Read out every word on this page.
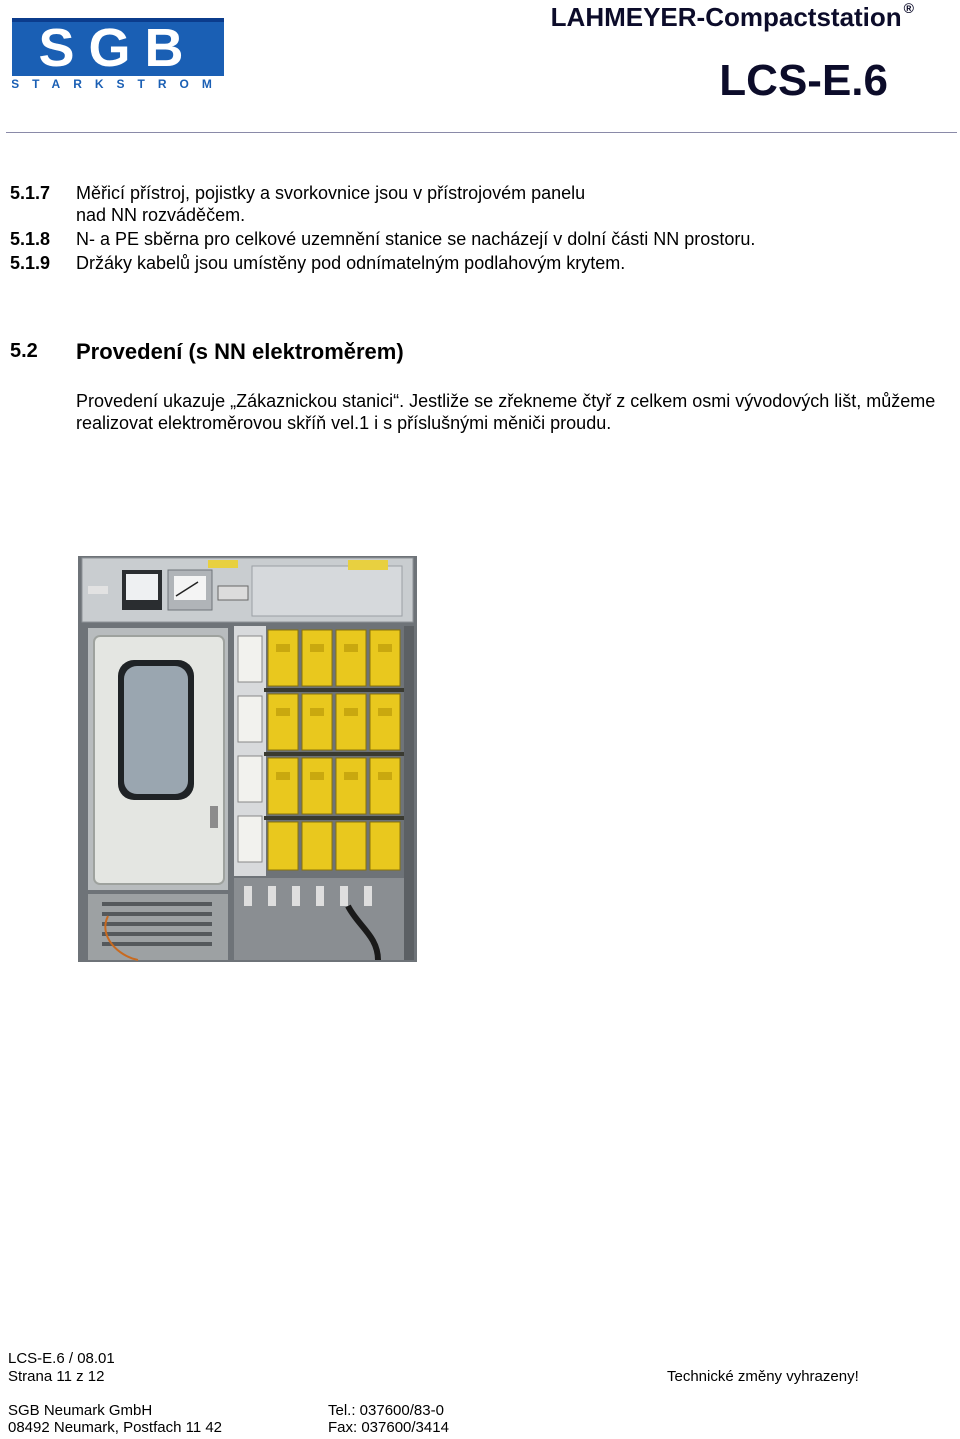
SGB
STARKSTROM
LAHMEYER-Compactstation ®
LCS-E.6
5.1.7 Měřicí přístroj, pojistky a svorkovnice jsou v přístrojovém panelu
nad NN rozváděčem.
5.1.8 N- a PE sběrna pro celkové uzemnění stanice se nacházejí v dolní části NN prostoru.
5.1.9 Držáky kabelů jsou umístěny pod odnímatelným podlahovým krytem.
5.2 Provedení (s NN elektroměrem)
Provedení ukazuje „Zákaznickou stanici“. Jestliže se zřekneme čtyř z celkem osmi vývodových lišt, můžeme realizovat elektroměrovou skříň vel.1 i s příslušnými měniči proudu.
LCS-E.6 / 08.01
Strana 11 z 12	Technické změny vyhrazeny!
SGB Neumark GmbH
08492 Neumark, Postfach 11 42
Tel.: 037600/83-0
Fax: 037600/3414
